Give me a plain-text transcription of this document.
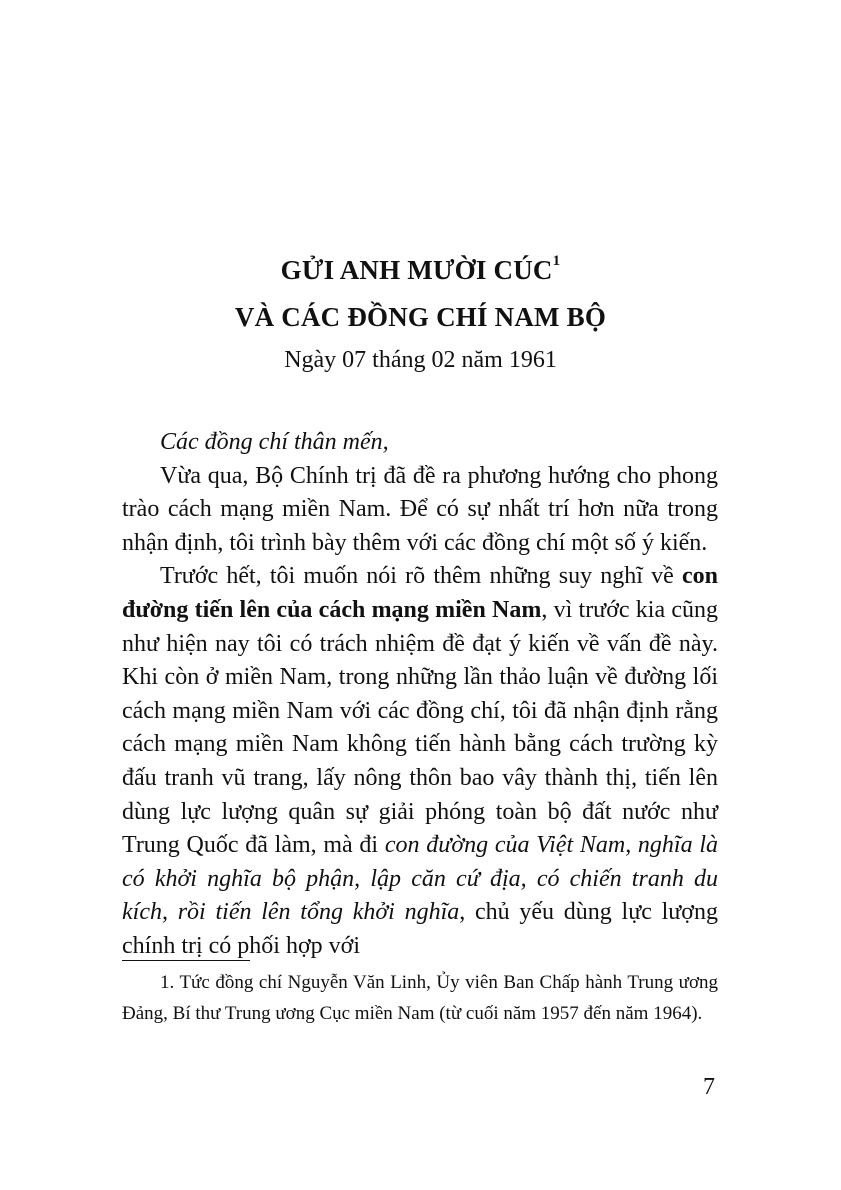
GỬI ANH MƯỜI CÚC$^1$
VÀ CÁC ĐỒNG CHÍ NAM BỘ
Ngày 07 tháng 02 năm 1961

Các đồng chí thân mến,

Vừa qua, Bộ Chính trị đã đề ra phương hướng cho phong trào cách mạng miền Nam. Để có sự nhất trí hơn nữa trong nhận định, tôi trình bày thêm với các đồng chí một số ý kiến.

Trước hết, tôi muốn nói rõ thêm những suy nghĩ về con đường tiến lên của cách mạng miền Nam, vì trước kia cũng như hiện nay tôi có trách nhiệm đề đạt ý kiến về vấn đề này. Khi còn ở miền Nam, trong những lần thảo luận về đường lối cách mạng miền Nam với các đồng chí, tôi đã nhận định rằng cách mạng miền Nam không tiến hành bằng cách trường kỳ đấu tranh vũ trang, lấy nông thôn bao vây thành thị, tiến lên dùng lực lượng quân sự giải phóng toàn bộ đất nước như Trung Quốc đã làm, mà đi con đường của Việt Nam, nghĩa là có khởi nghĩa bộ phận, lập căn cứ địa, có chiến tranh du kích, rồi tiến lên tổng khởi nghĩa, chủ yếu dùng lực lượng chính trị có phối hợp với

1. Tức đồng chí Nguyễn Văn Linh, Ủy viên Ban Chấp hành Trung ương Đảng, Bí thư Trung ương Cục miền Nam (từ cuối năm 1957 đến năm 1964).
7
